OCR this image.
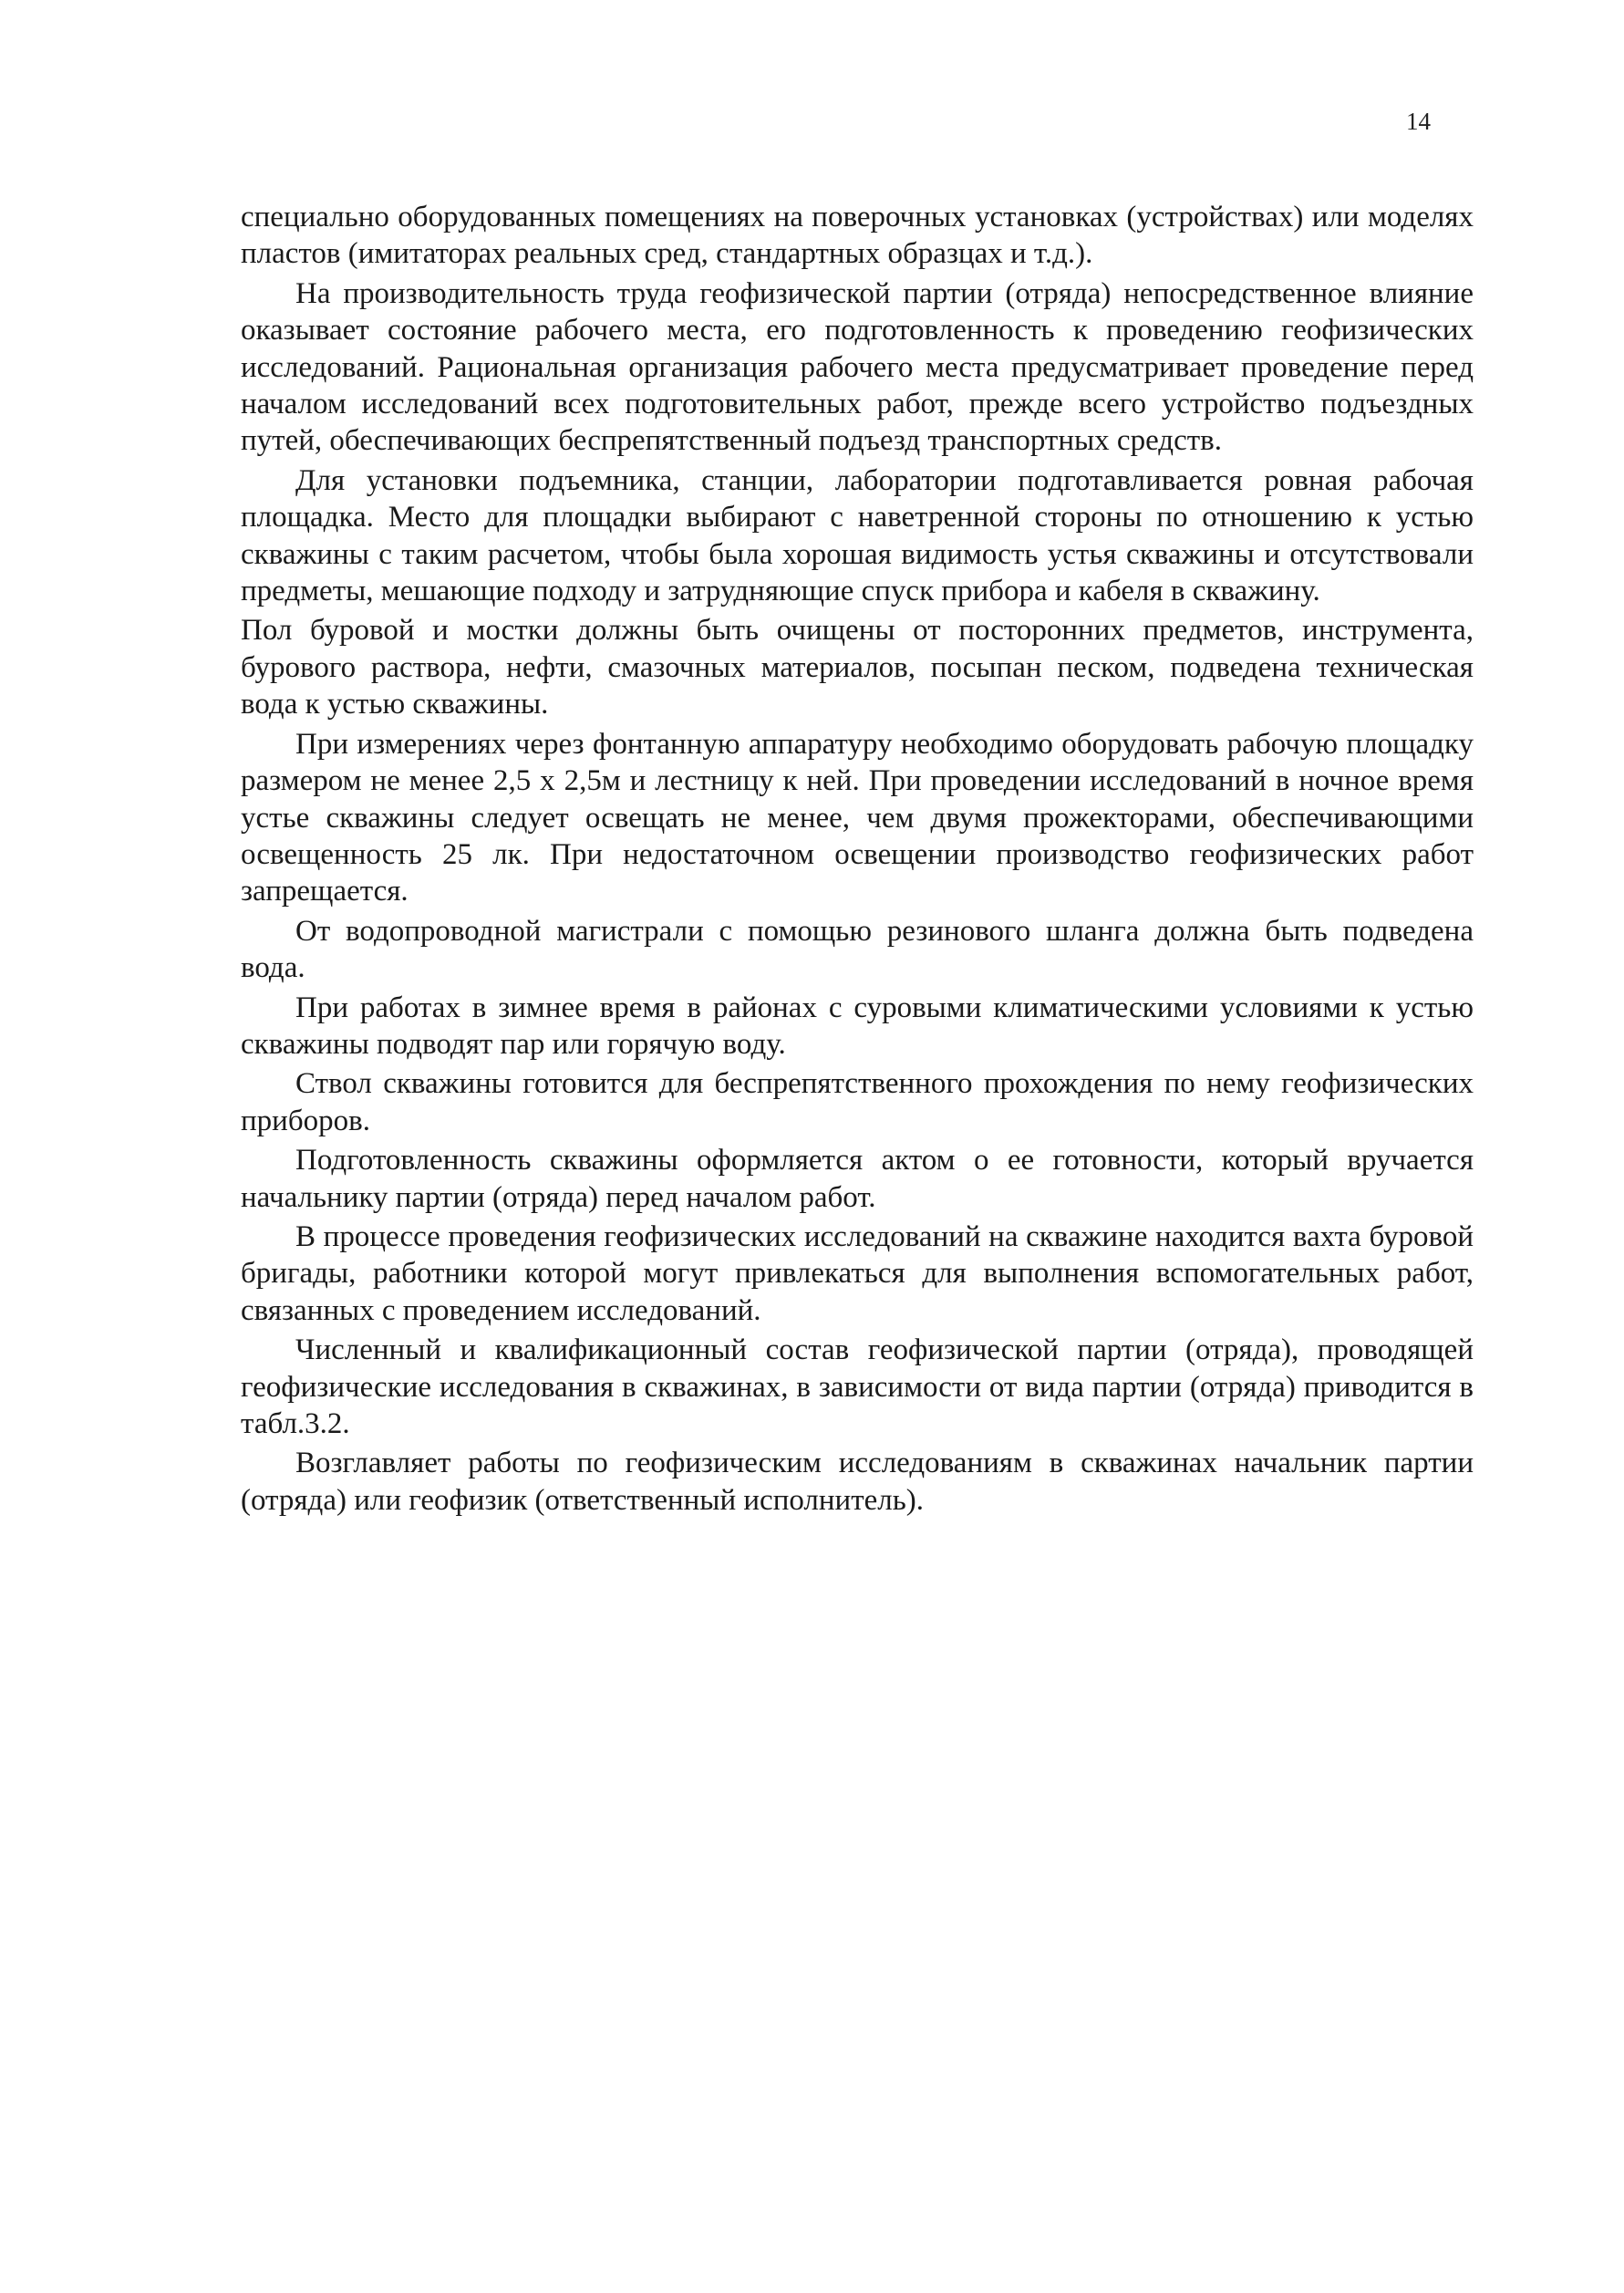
14

специально оборудованных помещениях на поверочных установках (устройствах) или моделях пластов (имитаторах реальных сред, стандартных образцах и т.д.).

На производительность труда геофизической партии (отряда) непосредственное влияние оказывает состояние рабочего места, его подготовленность к проведению геофизических исследований. Рациональная организация рабочего места предусматривает проведение перед началом исследований всех подготовительных работ, прежде всего устройство подъездных путей, обеспечивающих беспрепятственный подъезд транспортных средств.

Для установки подъемника, станции, лаборатории подготавливается ровная рабочая площадка. Место для площадки выбирают с наветренной стороны по отношению к устью скважины с таким расчетом, чтобы была хорошая видимость устья скважины и отсутствовали предметы, мешающие подходу и затрудняющие спуск прибора и кабеля в скважину.

Пол буровой и мостки должны быть очищены от посторонних предметов, инструмента, бурового раствора, нефти, смазочных материалов, посыпан песком, подведена техническая вода к устью скважины.

При измерениях через фонтанную аппаратуру необходимо оборудовать рабочую площадку размером не менее 2,5 х 2,5м и лестницу к ней. При проведении исследований в ночное время устье скважины следует освещать не менее, чем двумя прожекторами, обеспечивающими освещенность 25 лк. При недостаточном освещении производство геофизических работ запрещается.

От водопроводной магистрали с помощью резинового шланга должна быть подведена вода.

При работах в зимнее время в районах с суровыми климатическими условиями к устью скважины подводят пар или горячую воду.

Ствол скважины готовится для беспрепятственного прохождения по нему геофизических приборов.

Подготовленность скважины оформляется актом о ее готовности, который вручается начальнику партии (отряда) перед началом работ.

В процессе проведения геофизических исследований на скважине находится вахта буровой бригады, работники которой могут привлекаться для выполнения вспомогательных работ, связанных с проведением исследований.

Численный и квалификационный состав геофизической партии (отряда), проводящей геофизические исследования в скважинах, в зависимости от вида партии (отряда) приводится в табл.3.2.

Возглавляет работы по геофизическим исследованиям в скважинах начальник партии (отряда) или геофизик (ответственный исполнитель).
